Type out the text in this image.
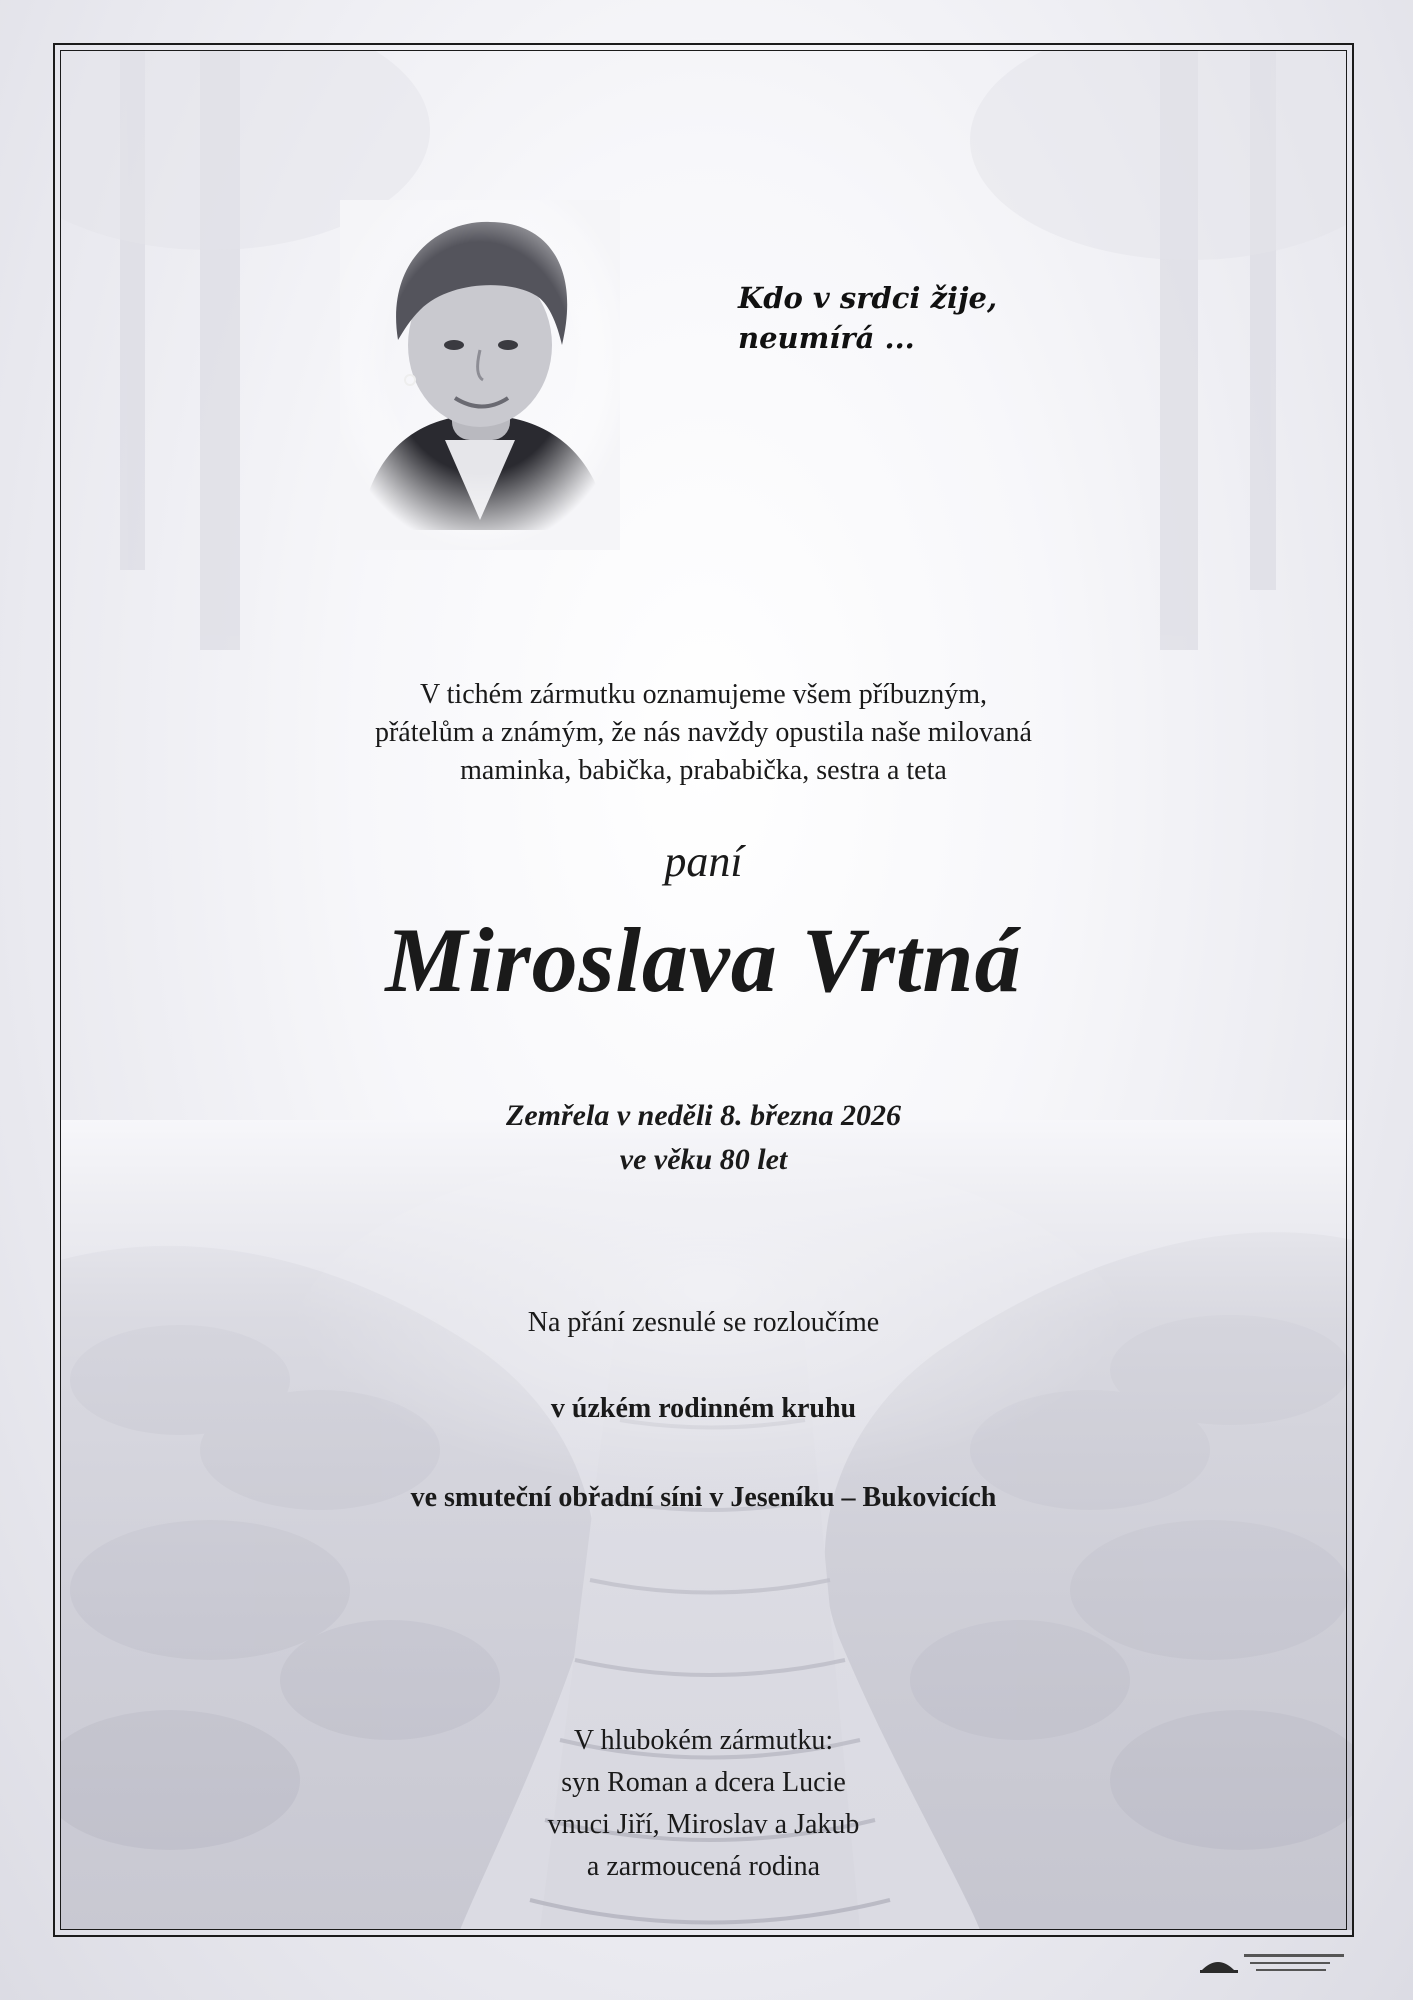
Kdo v srdci žije,
neumírá ...
V tichém zármutku oznamujeme všem příbuzným,
přátelům a známým, že nás navždy opustila naše milovaná
maminka, babička, prababička, sestra a teta
paní
Miroslava Vrtná
Zemřela v neděli 8. března 2026
ve věku 80 let
Na přání zesnulé se rozloučíme
v úzkém rodinném kruhu
ve smuteční obřadní síni v Jeseníku – Bukovicích
V hlubokém zármutku:
syn Roman a dcera Lucie
vnuci Jiří, Miroslav a Jakub
a zarmoucená rodina
